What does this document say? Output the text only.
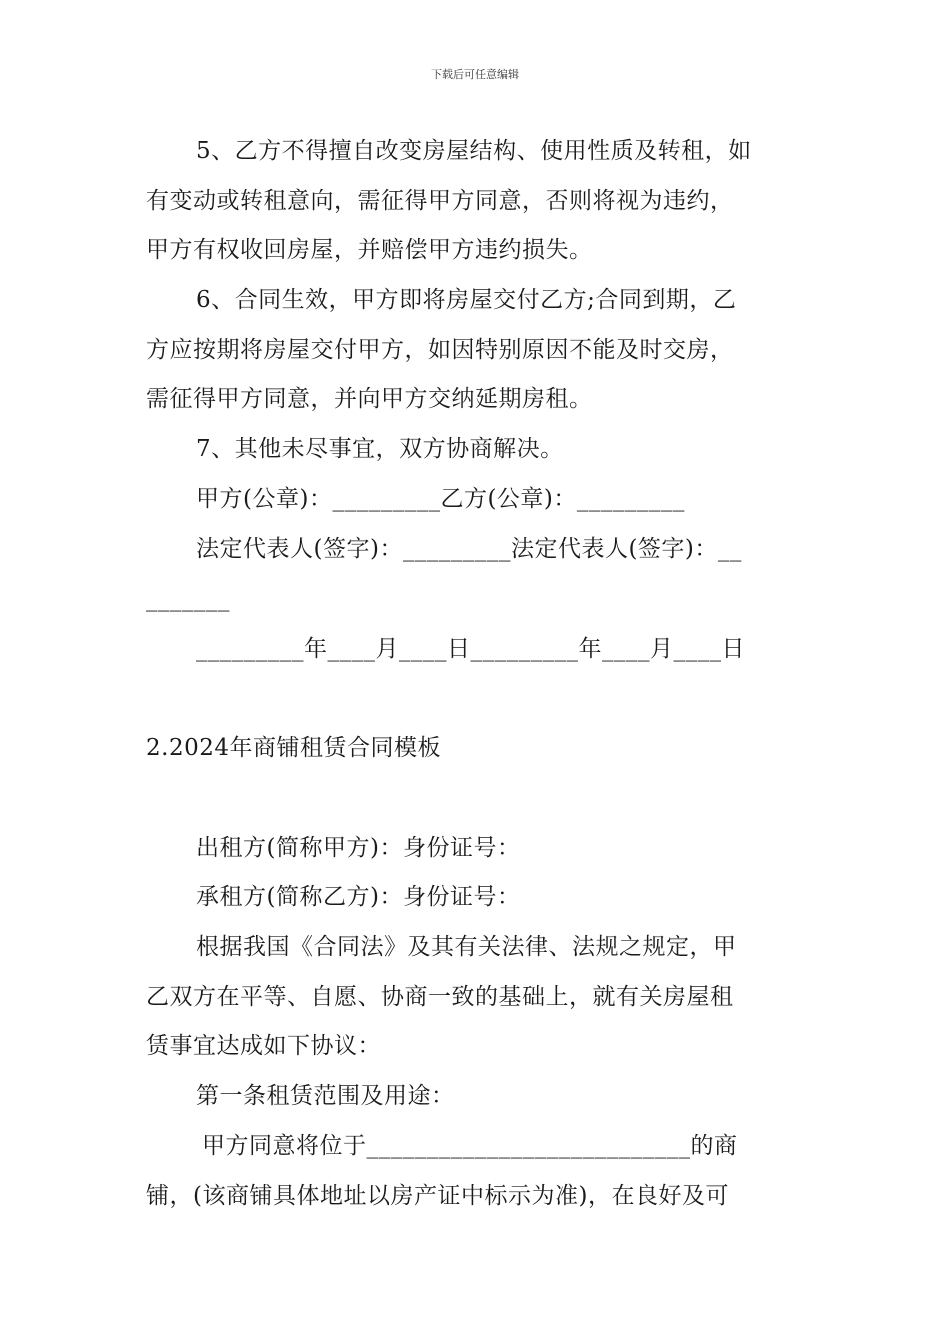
下载后可任意编辑
5、乙方不得擅自改变房屋结构、使用性质及转租，如
有变动或转租意向，需征得甲方同意，否则将视为违约，
甲方有权收回房屋，并赔偿甲方违约损失。
6、合同生效，甲方即将房屋交付乙方;合同到期，乙
方应按期将房屋交付甲方，如因特别原因不能及时交房，
需征得甲方同意，并向甲方交纳延期房租。
7、其他未尽事宜，双方协商解决。
甲方(公章)：_________乙方(公章)：_________
法定代表人(签字)：_________法定代表人(签字)：__
_______
_________年____月____日_________年____月____日
2.2024年商铺租赁合同模板
出租方(简称甲方)：身份证号：
承租方(简称乙方)：身份证号：
根据我国《合同法》及其有关法律、法规之规定，甲
乙双方在平等、自愿、协商一致的基础上，就有关房屋租
赁事宜达成如下协议：
第一条租赁范围及用途：
甲方同意将位于___________________________的商
铺，(该商铺具体地址以房产证中标示为准)，在良好及可
